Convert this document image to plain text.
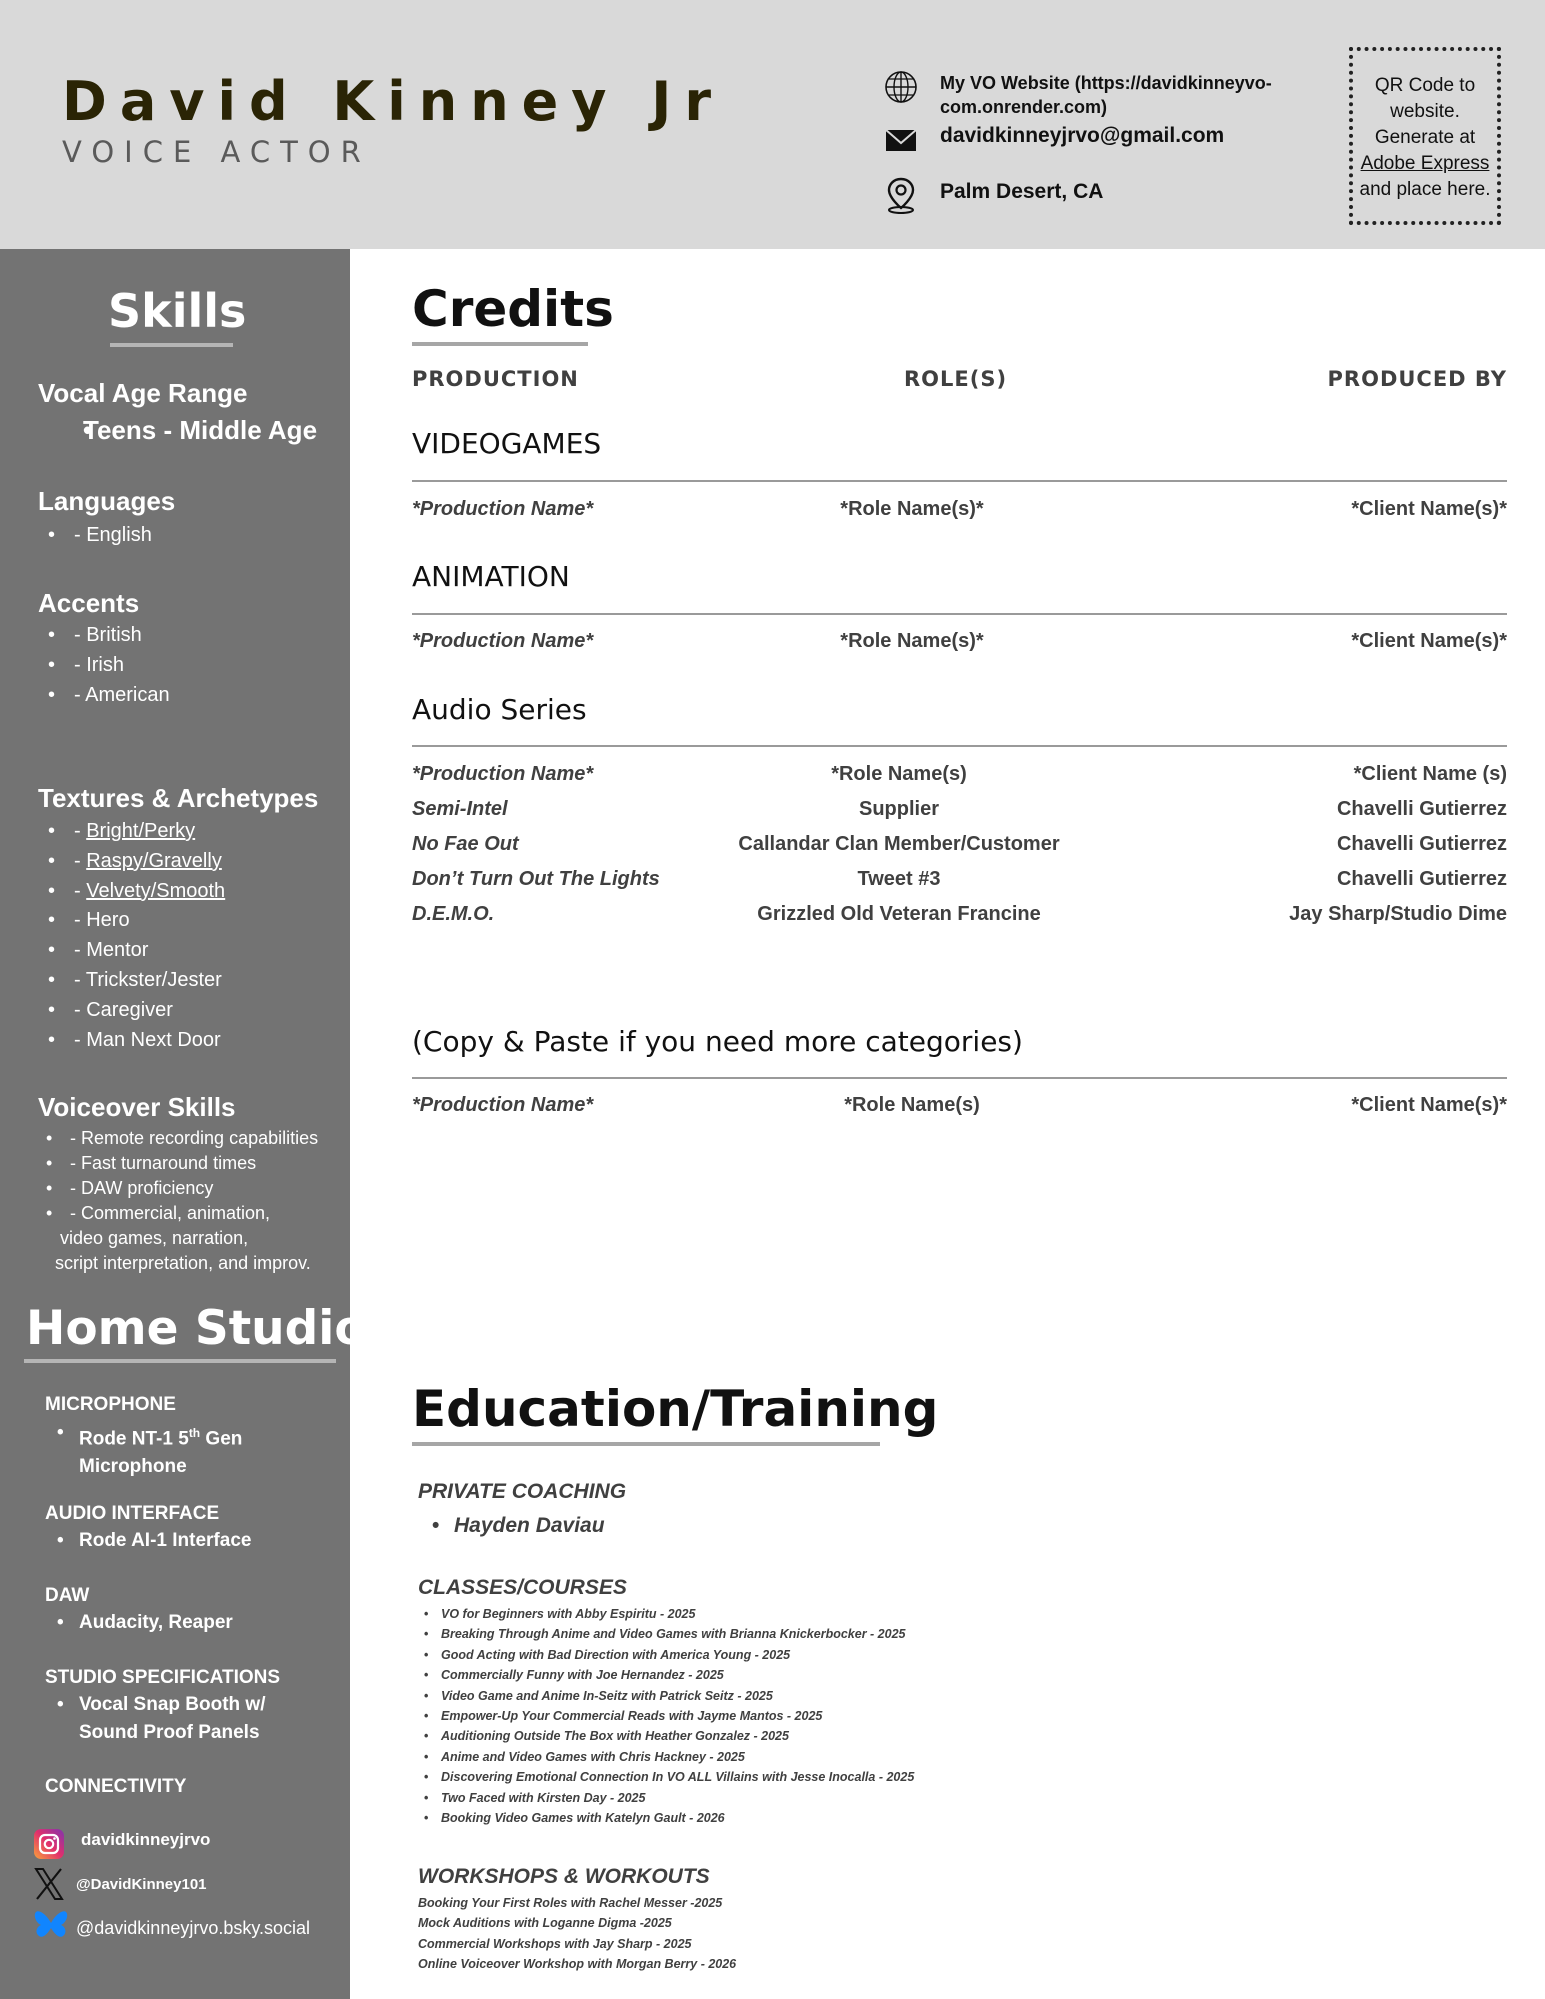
David Kinney Jr
VOICE ACTOR
My VO Website (https://davidkinneyvo-
com.onrender.com)
davidkinneyjrvo@gmail.com
Palm Desert, CA
QR Code to
website.
Generate at
Adobe Express
and place here.
Skills
Vocal Age Range
• Teens - Middle Age
Languages
• - English
Accents
• - British
• - Irish
• - American
Textures & Archetypes
• - Bright/Perky
• - Raspy/Gravelly
• - Velvety/Smooth
• - Hero
• - Mentor
• - Trickster/Jester
• - Caregiver
• - Man Next Door
Voiceover Skills
• - Remote recording capabilities
• - Fast turnaround times
• - DAW proficiency
• - Commercial, animation,
video games, narration,
script interpretation, and improv.
Home Studio
MICROPHONE
• Rode NT-1 5th Gen
Microphone
AUDIO INTERFACE
• Rode AI-1 Interface
DAW
• Audacity, Reaper
STUDIO SPECIFICATIONS
• Vocal Snap Booth w/
Sound Proof Panels
CONNECTIVITY
davidkinneyjrvo
@DavidKinney101
@davidkinneyjrvo.bsky.social
Credits
PRODUCTION	ROLE(S)	PRODUCED BY
VIDEOGAMES
*Production Name*	*Role Name(s)*	*Client Name(s)*
ANIMATION
*Production Name*	*Role Name(s)*	*Client Name(s)*
Audio Series
*Production Name*	*Role Name(s)	*Client Name (s)
Semi-Intel	Supplier	Chavelli Gutierrez
No Fae Out	Callandar Clan Member/Customer	Chavelli Gutierrez
Don’t Turn Out The Lights	Tweet #3	Chavelli Gutierrez
D.E.M.O.	Grizzled Old Veteran Francine	Jay Sharp/Studio Dime
(Copy & Paste if you need more categories)
*Production Name*	*Role Name(s)	*Client Name(s)*
Education/Training
PRIVATE COACHING
• Hayden Daviau
CLASSES/COURSES
• VO for Beginners with Abby Espiritu - 2025
• Breaking Through Anime and Video Games with Brianna Knickerbocker - 2025
• Good Acting with Bad Direction with America Young - 2025
• Commercially Funny with Joe Hernandez - 2025
• Video Game and Anime In-Seitz with Patrick Seitz - 2025
• Empower-Up Your Commercial Reads with Jayme Mantos - 2025
• Auditioning Outside The Box with Heather Gonzalez - 2025
• Anime and Video Games with Chris Hackney - 2025
• Discovering Emotional Connection In VO ALL Villains with Jesse Inocalla - 2025
• Two Faced with Kirsten Day - 2025
• Booking Video Games with Katelyn Gault - 2026
WORKSHOPS & WORKOUTS
Booking Your First Roles with Rachel Messer -2025
Mock Auditions with Loganne Digma -2025
Commercial Workshops with Jay Sharp - 2025
Online Voiceover Workshop with Morgan Berry - 2026
